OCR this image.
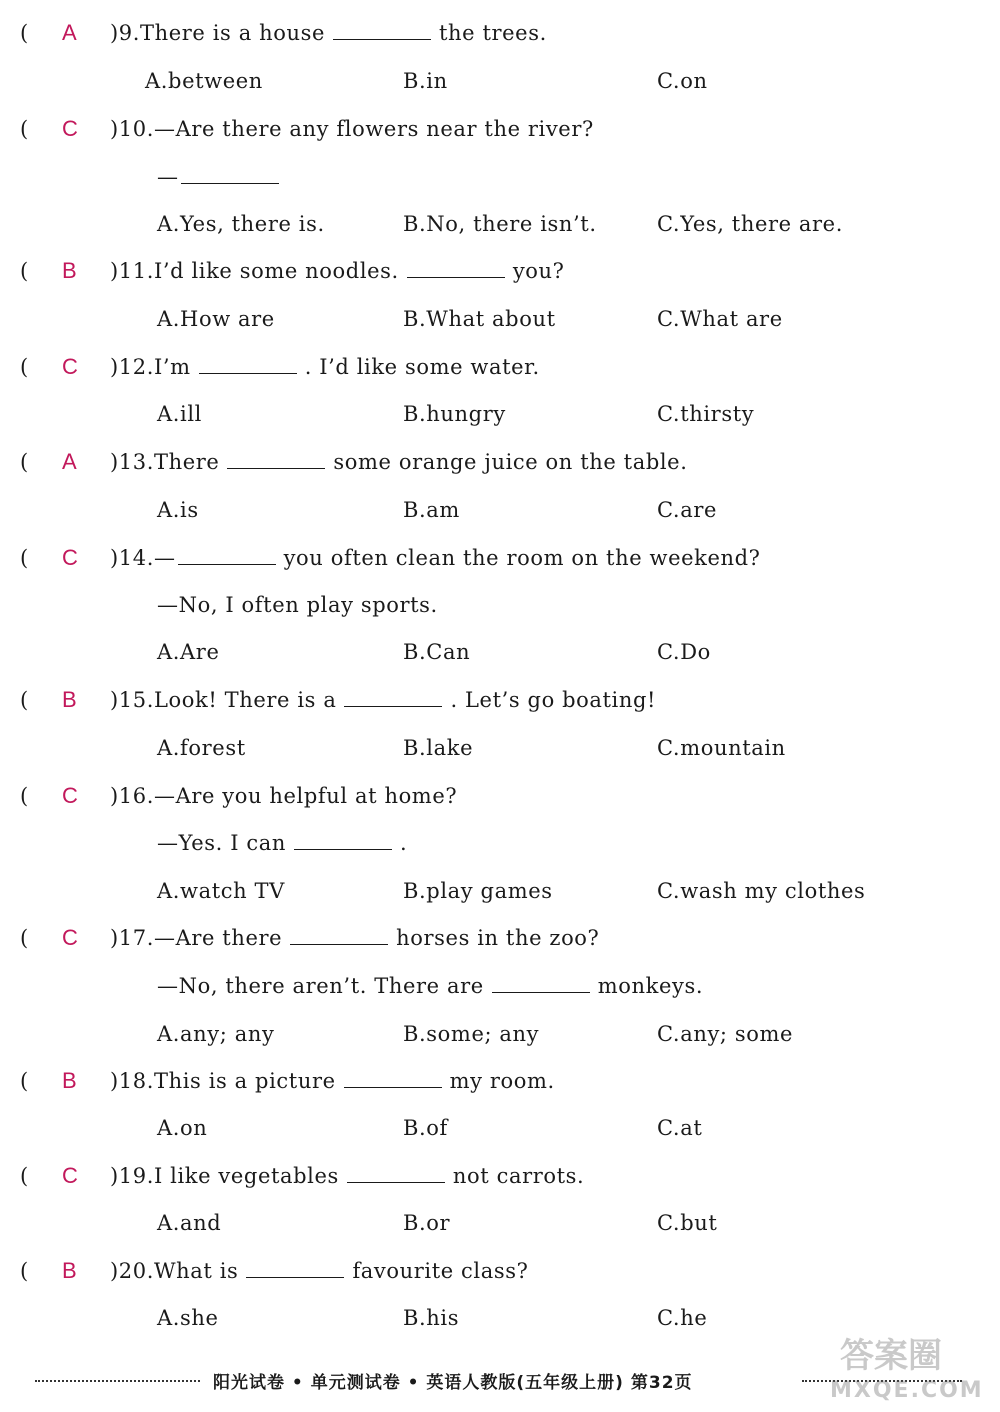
( A )9.There is a house	the trees.
A.between	B.in	C.on
( C )10.—Are there any flowers near the river?
—
A.Yes, there is.	B.No, there isn’t.	C.Yes, there are.
( B )11.I’d like some noodles.	you?
A.How are	B.What about	C.What are
( C )12.I’m	. I’d like some water.
A.ill	B.hungry	C.thirsty
( A )13.There	some orange juice on the table.
A.is	B.am	C.are
( C )14.—	you often clean the room on the weekend?
—No, I often play sports.
A.Are	B.Can	C.Do
( B )15.Look! There is a	. Let’s go boating!
A.forest	B.lake	C.mountain
( C )16.—Are you helpful at home?
—Yes. I can	.
A.watch TV	B.play games	C.wash my clothes
( C )17.—Are there	horses in the zoo?
—No, there aren’t. There are	monkeys.
A.any; any	B.some; any	C.any; some
( B )18.This is a picture	my room.
A.on	B.of	C.at
( C )19.I like vegetables	not carrots.
A.and	B.or	C.but
( B )20.What is	favourite class?
A.she	B.his	C.he
阳光试卷 • 单元测试卷 • 英语人教版(五年级上册) 第32页
答案圈
MXQE.COM
